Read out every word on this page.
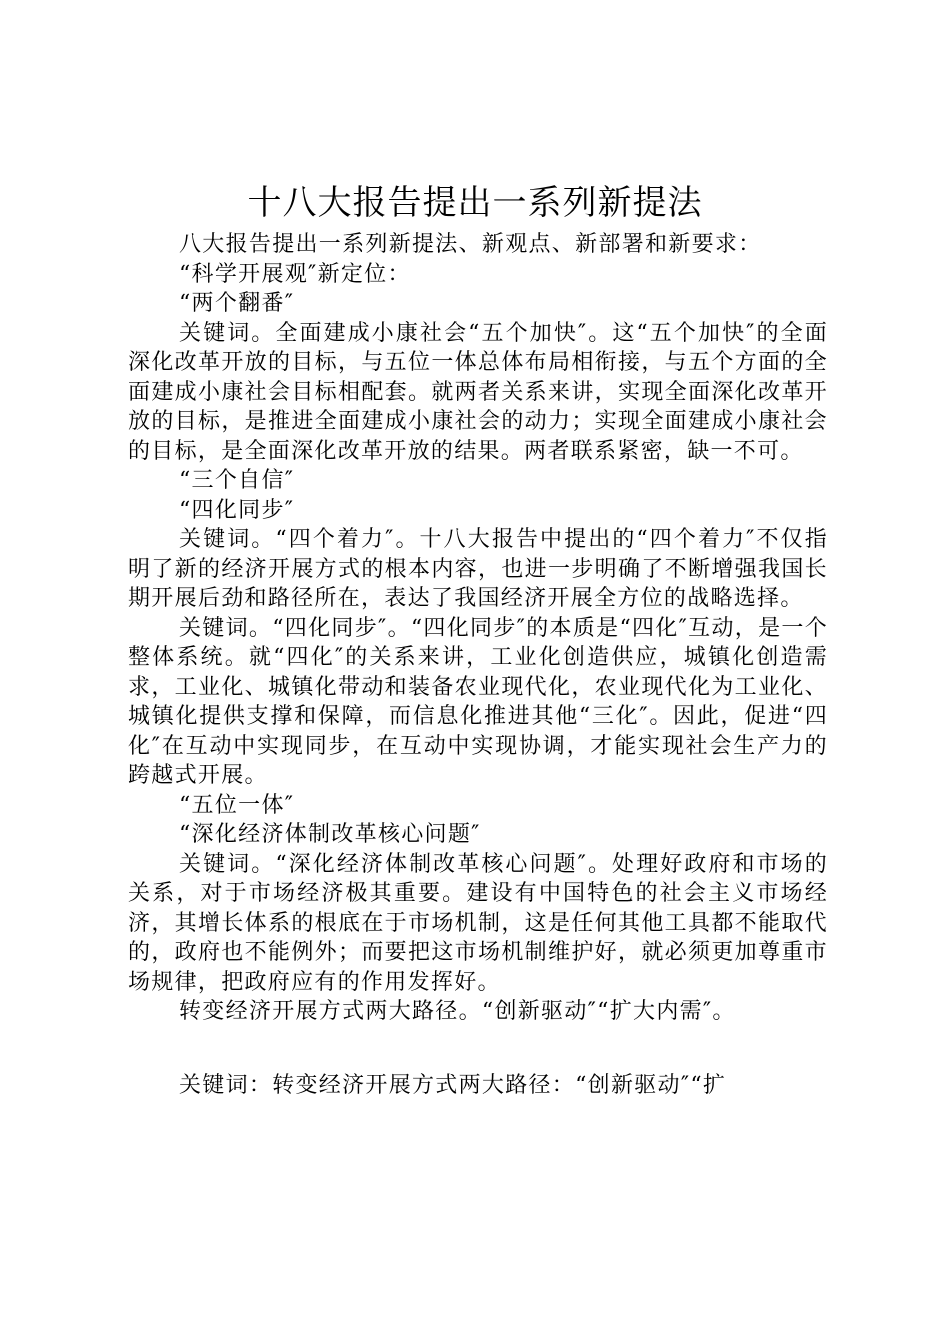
十八大报告提出一系列新提法

八大报告提出一系列新提法、新观点、新部署和新要求：

“科学开展观″新定位：

“两个翻番″

关键词。全面建成小康社会“五个加快″。这“五个加快″的全面深化改革开放的目标，与五位一体总体布局相衔接，与五个方面的全面建成小康社会目标相配套。就两者关系来讲，实现全面深化改革开放的目标，是推进全面建成小康社会的动力；实现全面建成小康社会的目标，是全面深化改革开放的结果。两者联系紧密，缺一不可。

“三个自信″

“四化同步″

关键词。“四个着力″。十八大报告中提出的“四个着力″不仅指明了新的经济开展方式的根本内容，也进一步明确了不断增强我国长期开展后劲和路径所在，表达了我国经济开展全方位的战略选择。

关键词。“四化同步″。“四化同步″的本质是“四化″互动，是一个整体系统。就“四化″的关系来讲，工业化创造供应，城镇化创造需求，工业化、城镇化带动和装备农业现代化，农业现代化为工业化、城镇化提供支撑和保障，而信息化推进其他“三化″。因此，促进“四化″在互动中实现同步，在互动中实现协调，才能实现社会生产力的跨越式开展。

“五位一体″

“深化经济体制改革核心问题″

关键词。“深化经济体制改革核心问题″。处理好政府和市场的关系，对于市场经济极其重要。建设有中国特色的社会主义市场经济，其增长体系的根底在于市场机制，这是任何其他工具都不能取代的，政府也不能例外；而要把这市场机制维护好，就必须更加尊重市场规律，把政府应有的作用发挥好。

转变经济开展方式两大路径。“创新驱动″“扩大内需″。

关键词：转变经济开展方式两大路径：“创新驱动″“扩
